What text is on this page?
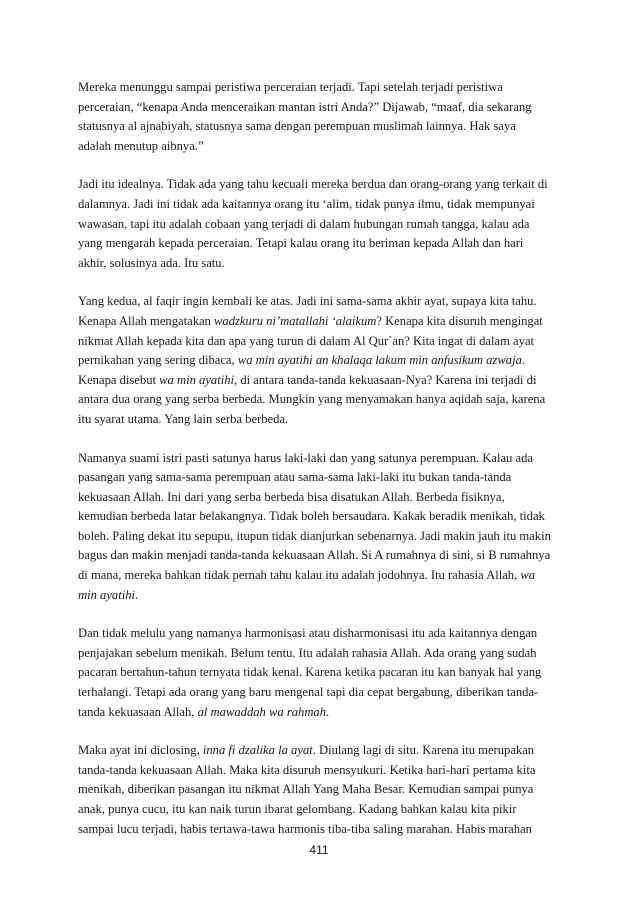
Mereka menunggu sampai peristiwa perceraian terjadi. Tapi setelah terjadi peristiwa
perceraian, “kenapa Anda menceraikan mantan istri Anda?” Dijawab, “maaf, dia sekarang
statusnya al ajnabiyah, statusnya sama dengan perempuan muslimah lainnya. Hak saya
adalah menutup aibnya.”

Jadi itu idealnya. Tidak ada yang tahu kecuali mereka berdua dan orang-orang yang terkait di
dalamnya. Jadi ini tidak ada kaitannya orang itu ‘alim, tidak punya ilmu, tidak mempunyai
wawasan, tapi itu adalah cobaan yang terjadi di dalam hubungan rumah tangga, kalau ada
yang mengarah kepada perceraian. Tetapi kalau orang itu beriman kepada Allah dan hari
akhir, solusinya ada. Itu satu.

Yang kedua, al faqir ingin kembali ke atas. Jadi ini sama-sama akhir ayat, supaya kita tahu.
Kenapa Allah mengatakan wadzkuru ni’matallahi ‘alaikum? Kenapa kita disuruh mengingat
nikmat Allah kepada kita dan apa yang turun di dalam Al Qur`an? Kita ingat di dalam ayat
pernikahan yang sering dibaca, wa min ayatihi an khalaqa lakum min anfusikum azwaja.
Kenapa disebut wa min ayatihi, di antara tanda-tanda kekuasaan-Nya? Karena ini terjadi di
antara dua orang yang serba berbeda. Mungkin yang menyamakan hanya aqidah saja, karena
itu syarat utama. Yang lain serba berbeda.

Namanya suami istri pasti satunya harus laki-laki dan yang satunya perempuan. Kalau ada
pasangan yang sama-sama perempuan atau sama-sama laki-laki itu bukan tanda-tanda
kekuasaan Allah. Ini dari yang serba berbeda bisa disatukan Allah. Berbeda fisiknya,
kemudian berbeda latar belakangnya. Tidak boleh bersaudara. Kakak beradik menikah, tidak
boleh. Paling dekat itu sepupu, itupun tidak dianjurkan sebenarnya. Jadi makin jauh itu makin
bagus dan makin menjadi tanda-tanda kekuasaan Allah. Si A rumahnya di sini, si B rumahnya
di mana, mereka bahkan tidak pernah tahu kalau itu adalah jodohnya. Itu rahasia Allah, wa
min ayatihi.

Dan tidak melulu yang namanya harmonisasi atau disharmonisasi itu ada kaitannya dengan
penjajakan sebelum menikah. Belum tentu. Itu adalah rahasia Allah. Ada orang yang sudah
pacaran bertahun-tahun ternyata tidak kenal. Karena ketika pacaran itu kan banyak hal yang
terhalangi. Tetapi ada orang yang baru mengenal tapi dia cepat bergabung, diberikan tanda-
tanda kekuasaan Allah, al mawaddah wa rahmah.

Maka ayat ini diclosing, inna fi dzalika la ayat. Diulang lagi di situ. Karena itu merupakan
tanda-tanda kekuasaan Allah. Maka kita disuruh mensyukuri. Ketika hari-hari pertama kita
menikah, diberikan pasangan itu nikmat Allah Yang Maha Besar. Kemudian sampai punya
anak, punya cucu, itu kan naik turun ibarat gelombang. Kadang bahkan kalau kita pikir
sampai lucu terjadi, habis tertawa-tawa harmonis tiba-tiba saling marahan. Habis marahan

411
